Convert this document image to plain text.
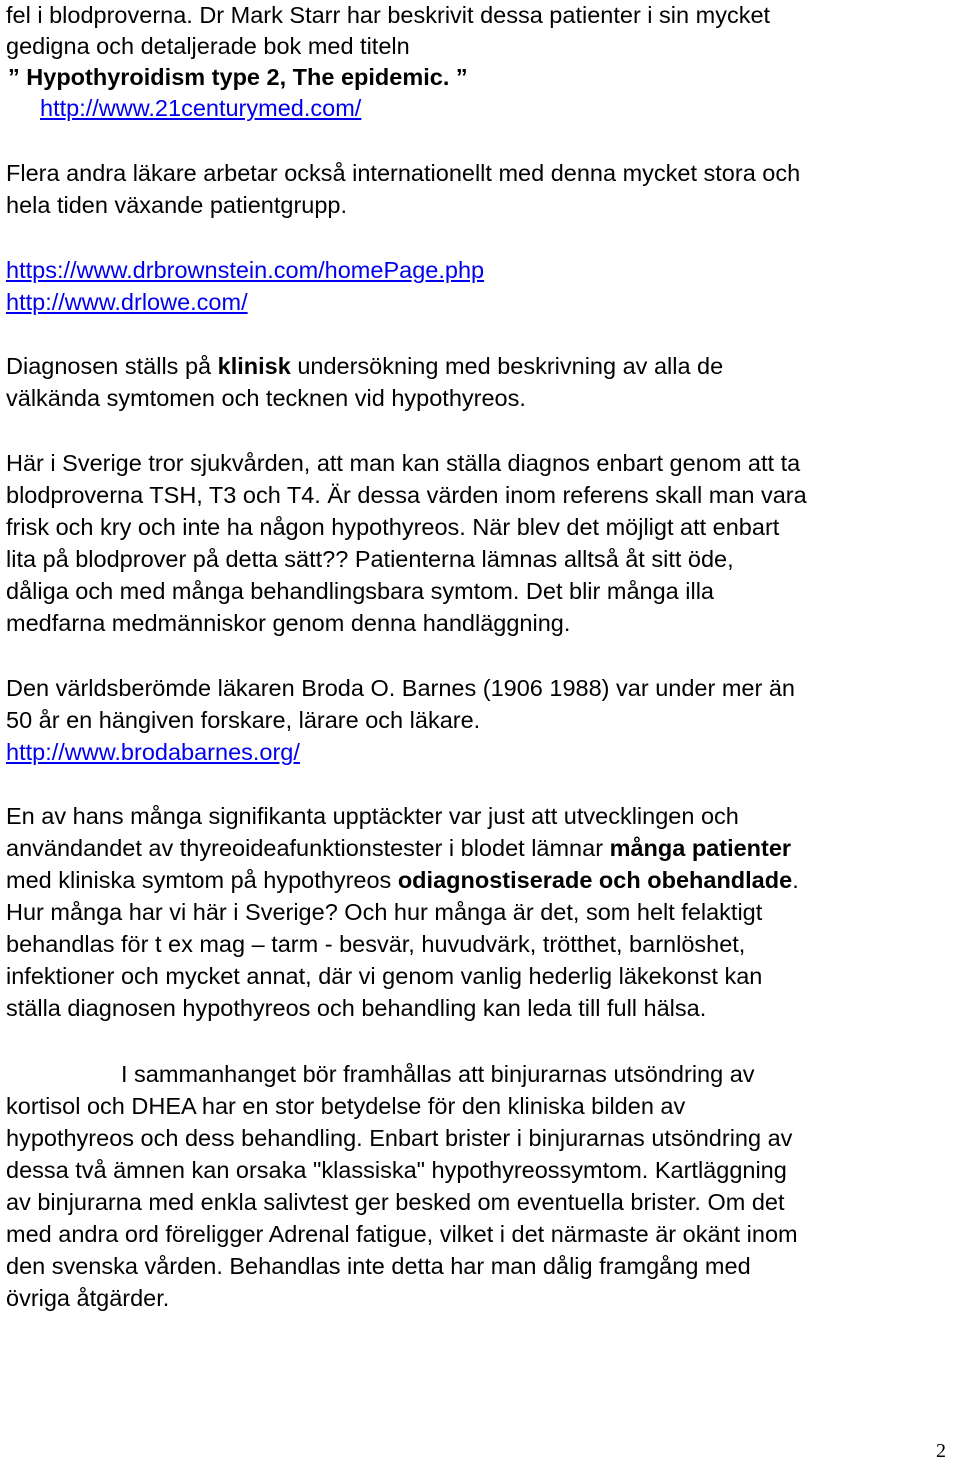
fel i blodproverna. Dr Mark Starr har beskrivit dessa patienter i sin mycket
gedigna och detaljerade bok med titeln
” Hypothyroidism type 2, The epidemic. ”
http://www.21centurymed.com/

Flera andra läkare arbetar också internationellt med denna mycket stora och
hela tiden växande patientgrupp.

https://www.drbrownstein.com/homePage.php
http://www.drlowe.com/

Diagnosen ställs på klinisk undersökning med beskrivning av alla de
välkända symtomen och tecknen vid hypothyreos.

Här i Sverige tror sjukvården, att man kan ställa diagnos enbart genom att ta
blodproverna TSH, T3 och T4. Är dessa värden inom referens skall man vara
frisk och kry och inte ha någon hypothyreos. När blev det möjligt att enbart
lita på blodprover på detta sätt?? Patienterna lämnas alltså åt sitt öde,
dåliga och med många behandlingsbara symtom. Det blir många illa
medfarna medmänniskor genom denna handläggning.

Den världsberömde läkaren Broda O. Barnes (1906 1988) var under mer än
50 år en hängiven forskare, lärare och läkare.
http://www.brodabarnes.org/

En av hans många signifikanta upptäckter var just att utvecklingen och
användandet av thyreoideafunktionstester i blodet lämnar många patienter
med kliniska symtom på hypothyreos odiagnostiserade och obehandlade.
Hur många har vi här i Sverige? Och hur många är det, som helt felaktigt
behandlas för t ex mag – tarm - besvär, huvudvärk, trötthet, barnlöshet,
infektioner och mycket annat, där vi genom vanlig hederlig läkekonst kan
ställa diagnosen hypothyreos och behandling kan leda till full hälsa.

I sammanhanget bör framhållas att binjurarnas utsöndring av
kortisol och DHEA har en stor betydelse för den kliniska bilden av
hypothyreos och dess behandling. Enbart brister i binjurarnas utsöndring av
dessa två ämnen kan orsaka "klassiska" hypothyreossymtom. Kartläggning
av binjurarna med enkla salivtest ger besked om eventuella brister. Om det
med andra ord föreligger Adrenal fatigue, vilket i det närmaste är okänt inom
den svenska vården. Behandlas inte detta har man dålig framgång med
övriga åtgärder.

2
